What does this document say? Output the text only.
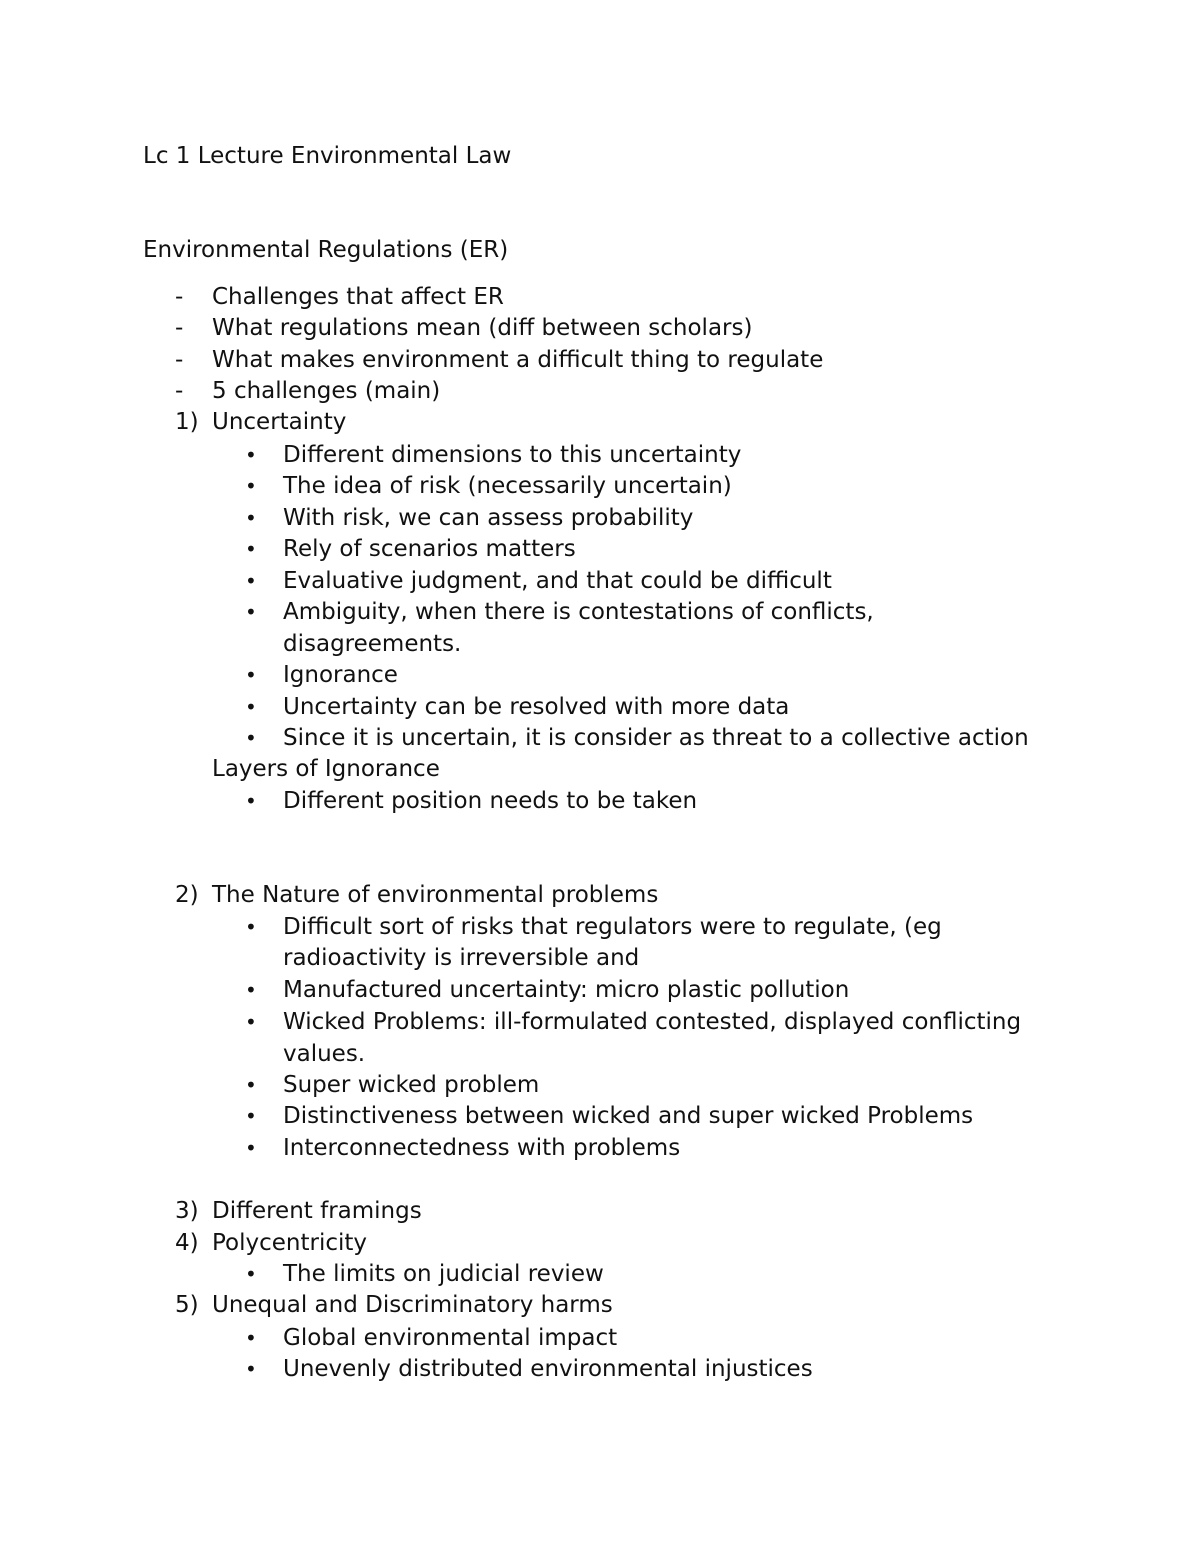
Lc 1 Lecture Environmental Law
Environmental Regulations (ER)
- Challenges that affect ER
- What regulations mean (diff between scholars)
- What makes environment a difficult thing to regulate
- 5 challenges (main)
1) Uncertainty
• Different dimensions to this uncertainty
• The idea of risk (necessarily uncertain)
• With risk, we can assess probability
• Rely of scenarios matters
• Evaluative judgment, and that could be difficult
• Ambiguity, when there is contestations of conflicts,
disagreements.
• Ignorance
• Uncertainty can be resolved with more data
• Since it is uncertain, it is consider as threat to a collective action
Layers of Ignorance
• Different position needs to be taken
2) The Nature of environmental problems
• Difficult sort of risks that regulators were to regulate, (eg
radioactivity is irreversible and
• Manufactured uncertainty: micro plastic pollution
• Wicked Problems: ill-formulated contested, displayed conflicting
values.
• Super wicked problem
• Distinctiveness between wicked and super wicked Problems
• Interconnectedness with problems
3) Different framings
4) Polycentricity
• The limits on judicial review
5) Unequal and Discriminatory harms
• Global environmental impact
• Unevenly distributed environmental injustices
